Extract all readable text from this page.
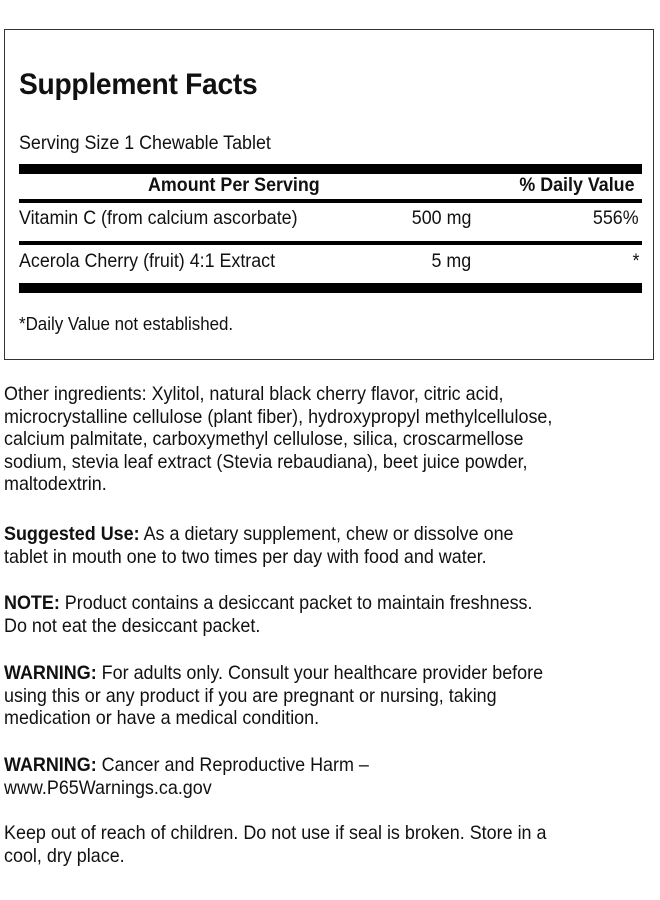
Supplement Facts
Serving Size 1 Chewable Tablet
Amount Per Serving	% Daily Value
Vitamin C (from calcium ascorbate)	500 mg	556%
Acerola Cherry (fruit) 4:1 Extract	5 mg	*
*Daily Value not established.
Other ingredients: Xylitol, natural black cherry flavor, citric acid,
microcrystalline cellulose (plant fiber), hydroxypropyl methylcellulose,
calcium palmitate, carboxymethyl cellulose, silica, croscarmellose
sodium, stevia leaf extract (Stevia rebaudiana), beet juice powder,
maltodextrin.
Suggested Use: As a dietary supplement, chew or dissolve one
tablet in mouth one to two times per day with food and water.
NOTE: Product contains a desiccant packet to maintain freshness.
Do not eat the desiccant packet.
WARNING: For adults only. Consult your healthcare provider before
using this or any product if you are pregnant or nursing, taking
medication or have a medical condition.
WARNING: Cancer and Reproductive Harm –
www.P65Warnings.ca.gov
Keep out of reach of children. Do not use if seal is broken. Store in a
cool, dry place.
